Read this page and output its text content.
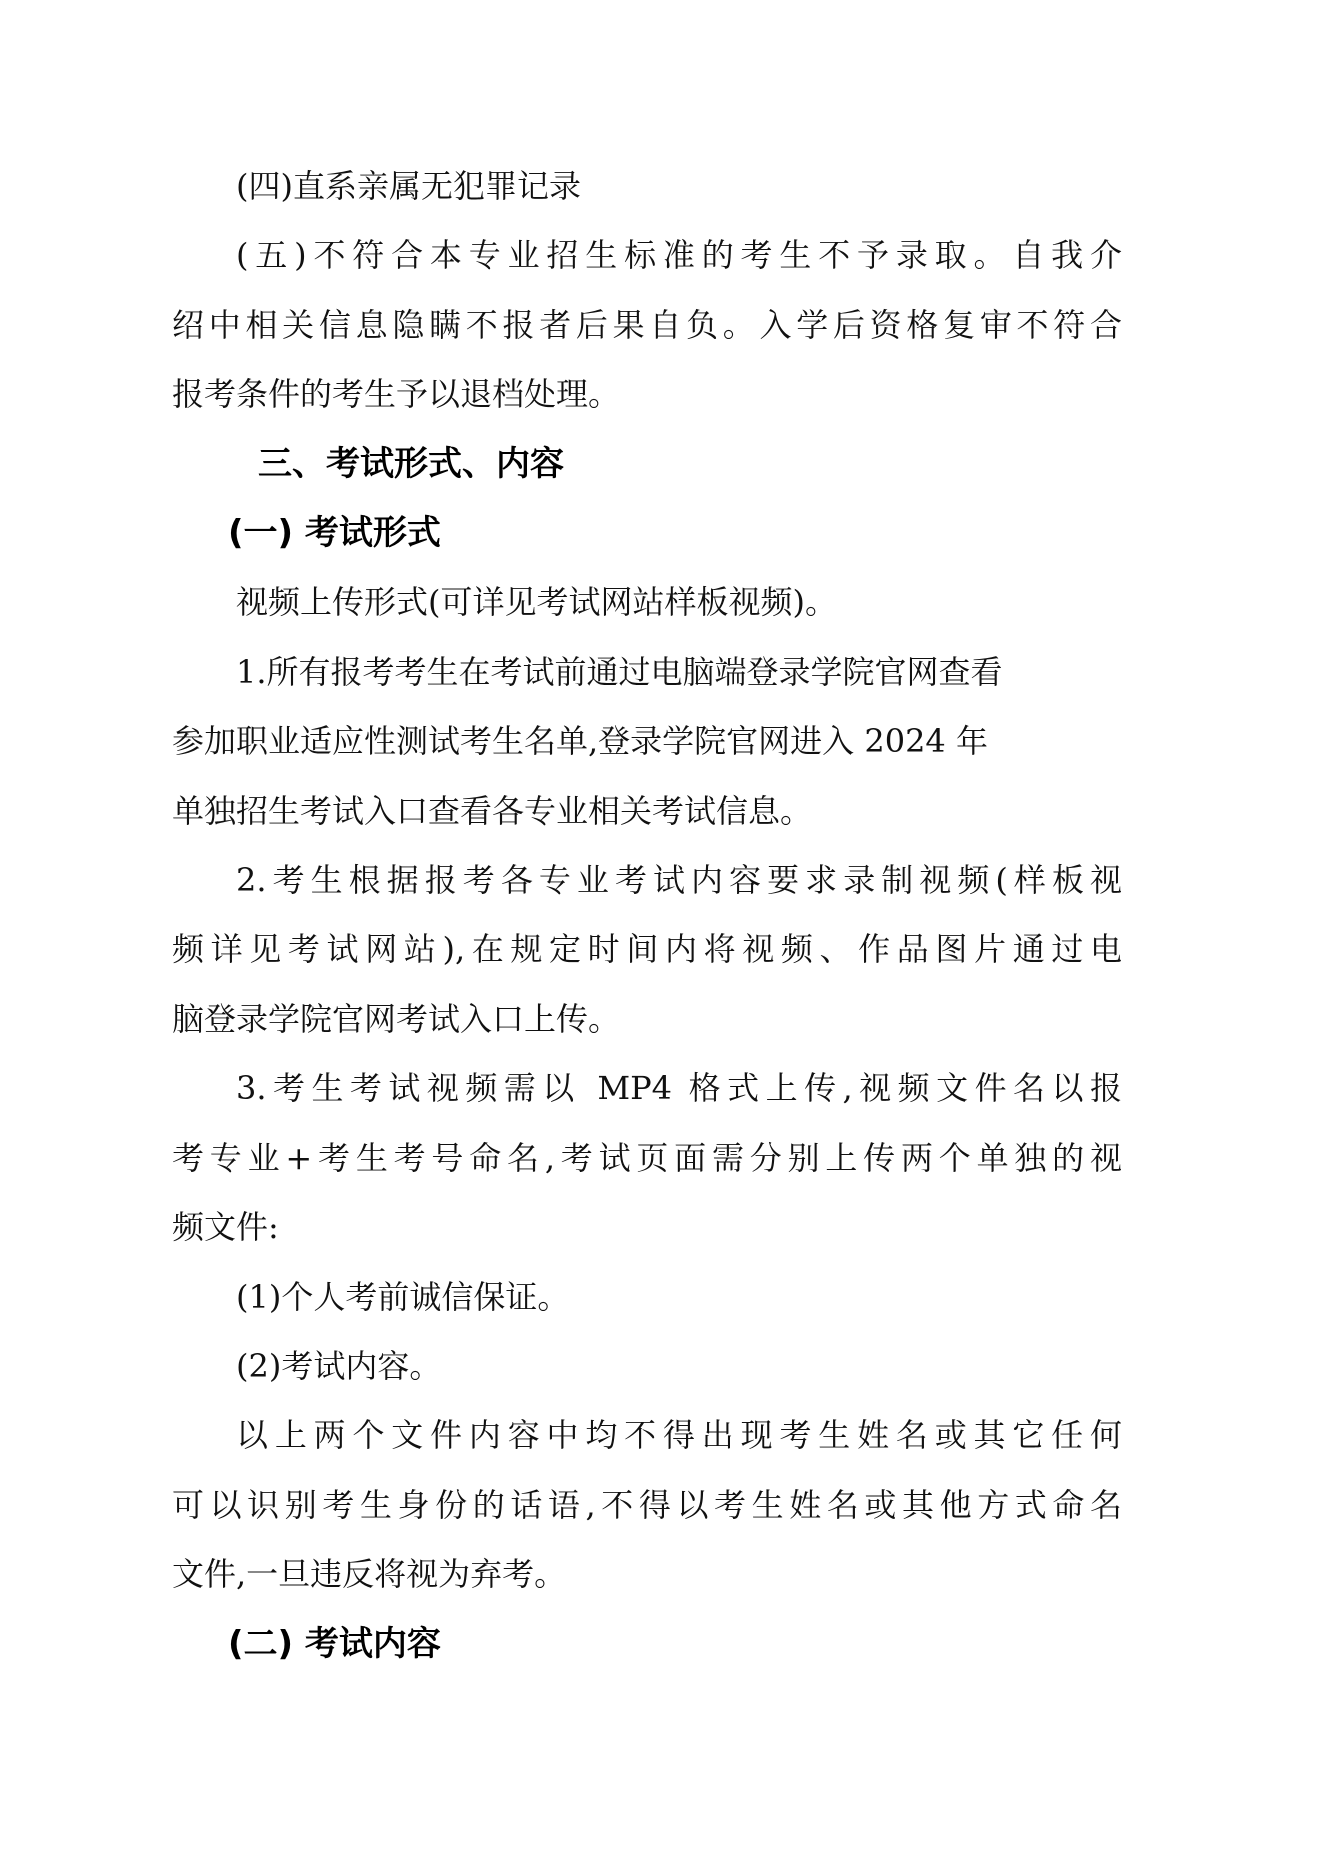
(四)直系亲属无犯罪记录
(五)不符合本专业招生标准的考生不予录取。自我介
绍中相关信息隐瞒不报者后果自负。入学后资格复审不符合
报考条件的考生予以退档处理。
三、考试形式、内容
(一) 考试形式
视频上传形式(可详见考试网站样板视频)。
1.所有报考考生在考试前通过电脑端登录学院官网查看
参加职业适应性测试考生名单,登录学院官网进入 2024 年
单独招生考试入口查看各专业相关考试信息。
2.考生根据报考各专业考试内容要求录制视频(样板视
频详见考试网站),在规定时间内将视频、作品图片通过电
脑登录学院官网考试入口上传。
3.考生考试视频需以 MP4 格式上传,视频文件名以报
考专业+考生考号命名,考试页面需分别上传两个单独的视
频文件:
(1)个人考前诚信保证。
(2)考试内容。
以上两个文件内容中均不得出现考生姓名或其它任何
可以识别考生身份的话语,不得以考生姓名或其他方式命名
文件,一旦违反将视为弃考。
(二) 考试内容
